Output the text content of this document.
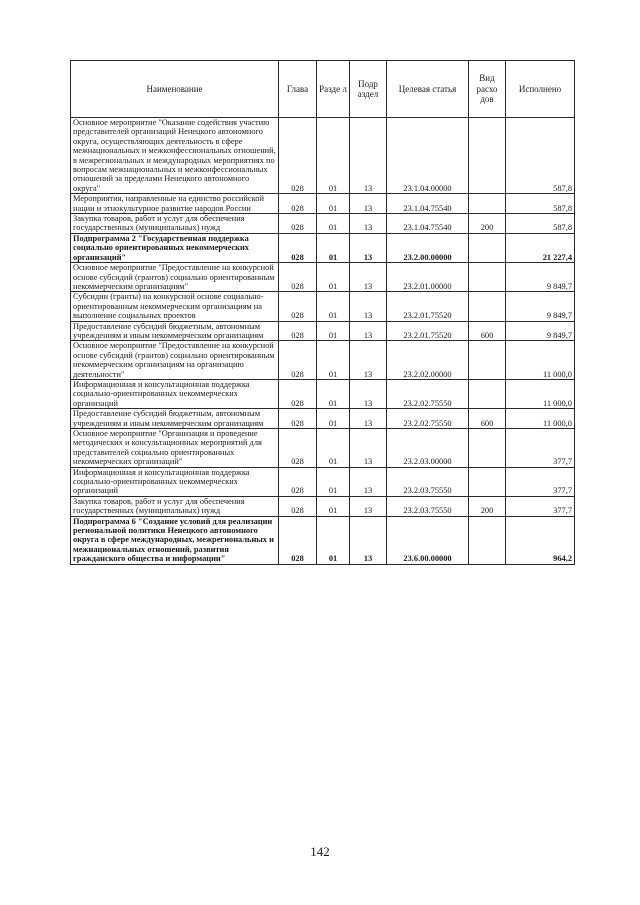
Наименование	Глава	Разде л	Подр аздел	Целевая статья	Вид расхо дов	Исполнено
Основное мероприятие "Оказание содействия участию представителей организаций Ненецкого автономного округа, осуществляющих деятельность в сфере межнациональных и межконфессиональных отношений, в межрегиональных и международных мероприятиях по вопросам межнациональных и межконфессиональных отношений за пределами Ненецкого автономного округа"	028	01	13	23.1.04.00000		587,8
Мероприятия, направленные на единство российской нации и этнокультурное развитие народов России	028	01	13	23.1.04.75540		587,8
Закупка товаров, работ и услуг для обеспечения государственных (муниципальных) нужд	028	01	13	23.1.04.75540	200	587,8
Подпрограмма 2 "Государственная поддержка социально ориентированных некоммерческих организаций"	028	01	13	23.2.00.00000		21 227,4
Основное мероприятие "Предоставление на конкурсной основе субсидий (грантов) социально ориентированным некоммерческим организациям"	028	01	13	23.2.01.00000		9 849,7
Субсидии (гранты) на конкурсной основе социально-ориентированным некоммерческим организациям на выполнение социальных проектов	028	01	13	23.2.01.75520		9 849,7
Предоставление субсидий бюджетным, автономным учреждениям и иным некоммерческим организациям	028	01	13	23.2.01.75520	600	9 849,7
Основное мероприятие "Предоставление на конкурсной основе субсидий (грантов) социально ориентированным некоммерческим организациям на организацию деятельности"	028	01	13	23.2.02.00000		11 000,0
Информационная и консультационная поддержка социально-ориентированных некоммерческих организаций	028	01	13	23.2.02.75550		11 000,0
Предоставление субсидий бюджетным, автономным учреждениям и иным некоммерческим организациям	028	01	13	23.2.02.75550	600	11 000,0
Основное мероприятие "Организация и проведение методических и консультационных мероприятий для представителей социально ориентированных некоммерческих организаций"	028	01	13	23.2.03.00000		377,7
Информационная и консультационная поддержка социально-ориентированных некоммерческих организаций	028	01	13	23.2.03.75550		377,7
Закупка товаров, работ и услуг для обеспечения государственных (муниципальных) нужд	028	01	13	23.2.03.75550	200	377,7
Подпрограмма 6 "Создание условий для реализации региональной политики Ненецкого автономного округа в сфере международных, межрегиональных и межнациональных отношений, развития гражданского общества и информации"	028	01	13	23.6.00.00000		964,2
142
